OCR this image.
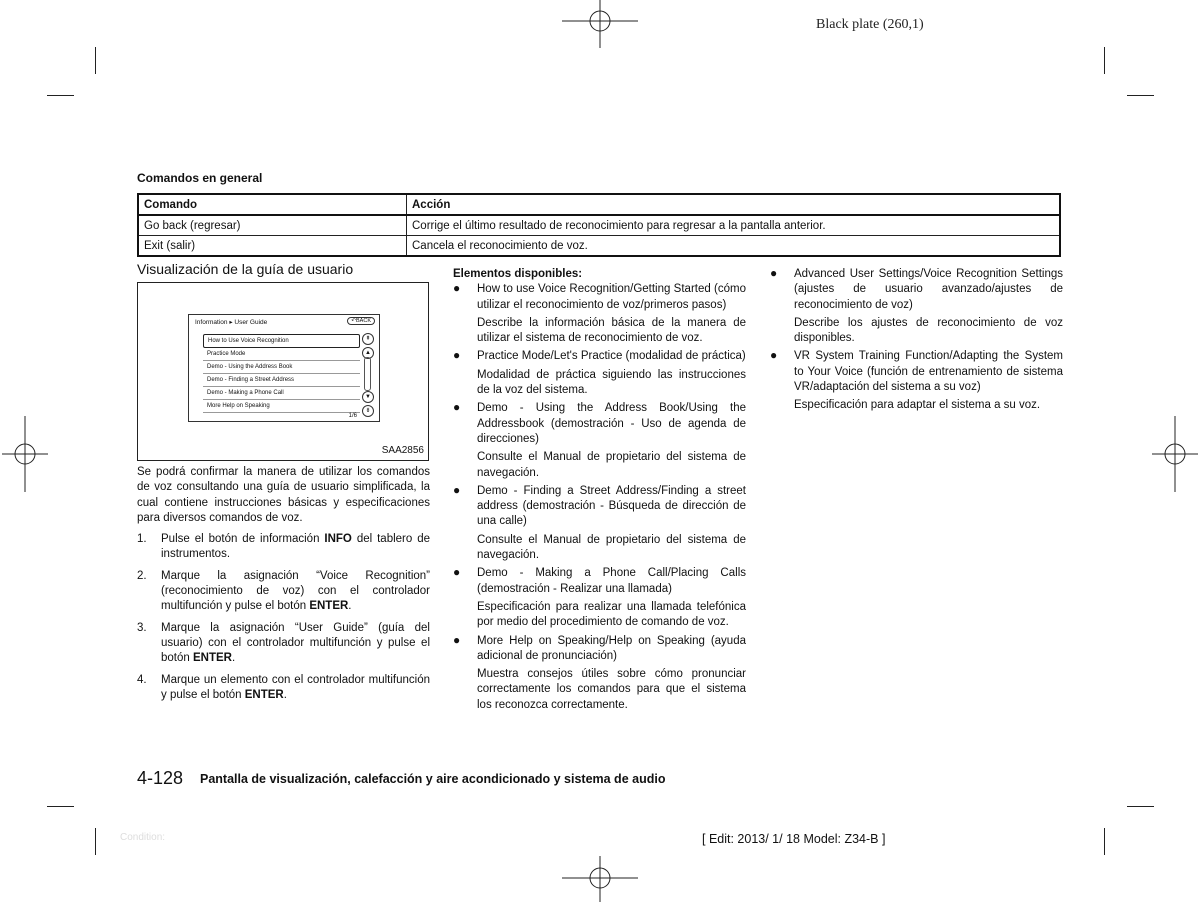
Black plate (260,1)
Comandos en general
Comando	Acción
Go back (regresar)	Corrige el último resultado de reconocimiento para regresar a la pantalla anterior.
Exit (salir)	Cancela el reconocimiento de voz.
Visualización de la guía de usuario
Information ▸ User Guide	↶BACK
How to Use Voice Recognition
Practice Mode
Demo - Using the Address Book
Demo - Finding a Street Address
Demo - Making a Phone Call
More Help on Speaking
⇞
▲
▼
⇟
1/6
SAA2856

Se podrá confirmar la manera de utilizar los comandos de voz consultando una guía de usuario simplificada, la cual contiene instrucciones básicas y especificaciones para diversos comandos de voz.

1. Pulse el botón de información INFO del tablero de instrumentos.
2. Marque la asignación “Voice Recognition” (reconocimiento de voz) con el controlador multifunción y pulse el botón ENTER.
3. Marque la asignación “User Guide” (guía del usuario) con el controlador multifunción y pulse el botón ENTER.
4. Marque un elemento con el controlador multifunción y pulse el botón ENTER.

Elementos disponibles:

● How to use Voice Recognition/Getting Started (cómo utilizar el reconocimiento de voz/primeros pasos)

Describe la información básica de la manera de utilizar el sistema de reconocimiento de voz.

● Practice Mode/Let's Practice (modalidad de práctica)

Modalidad de práctica siguiendo las instrucciones de la voz del sistema.

● Demo - Using the Address Book/Using the Addressbook (demostración - Uso de agenda de direcciones)

Consulte el Manual de propietario del sistema de navegación.

● Demo - Finding a Street Address/Finding a street address (demostración - Búsqueda de dirección de una calle)

Consulte el Manual de propietario del sistema de navegación.

● Demo - Making a Phone Call/Placing Calls (demostración - Realizar una llamada)

Especificación para realizar una llamada telefónica por medio del procedimiento de comando de voz.

● More Help on Speaking/Help on Speaking (ayuda adicional de pronunciación)

Muestra consejos útiles sobre cómo pronunciar correctamente los comandos para que el sistema los reconozca correctamente.

● Advanced User Settings/Voice Recognition Settings (ajustes de usuario avanzado/ajustes de reconocimiento de voz)

Describe los ajustes de reconocimiento de voz disponibles.

● VR System Training Function/Adapting the System to Your Voice (función de entrenamiento de sistema VR/adaptación del sistema a su voz)

Especificación para adaptar el sistema a su voz.

4-128 Pantalla de visualización, calefacción y aire acondicionado y sistema de audio
Condition:	[ Edit: 2013/ 1/ 18 Model: Z34-B ]
